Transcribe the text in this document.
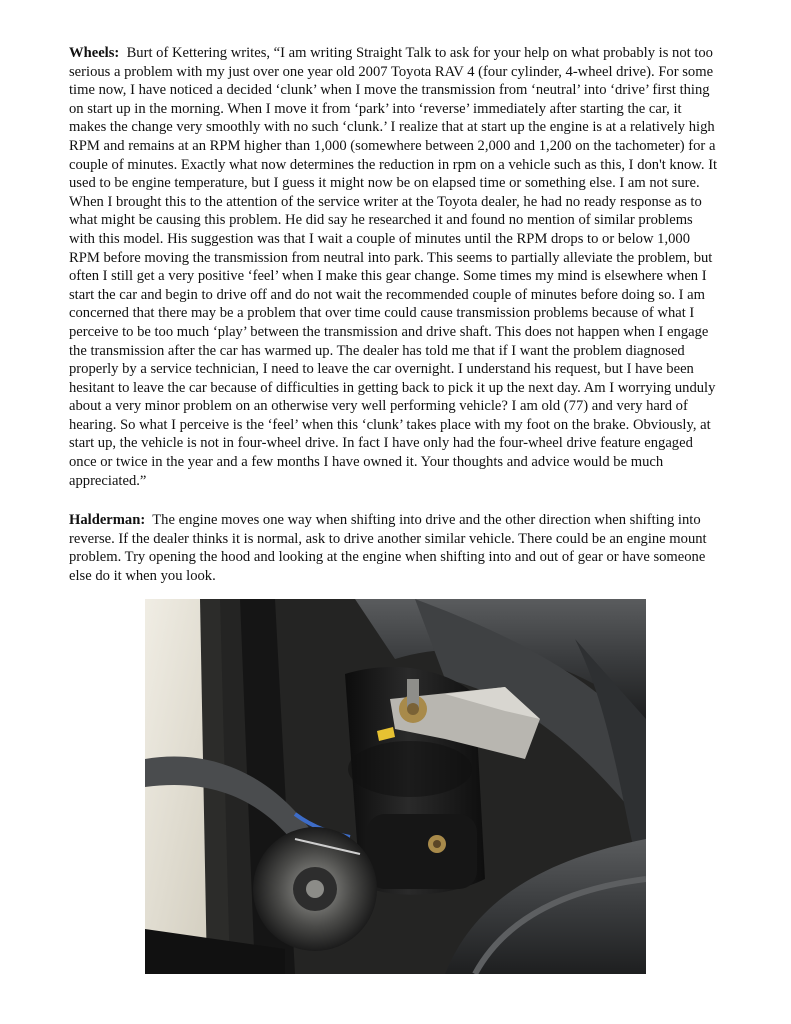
Wheels: Burt of Kettering writes, “I am writing Straight Talk to ask for your help on what probably is not too serious a problem with my just over one year old 2007 Toyota RAV 4 (four cylinder, 4-wheel drive). For some time now, I have noticed a decided ‘clunk’ when I move the transmission from ‘neutral’ into ‘drive’ first thing on start up in the morning. When I move it from ‘park’ into ‘reverse’ immediately after starting the car, it makes the change very smoothly with no such ‘clunk.’ I realize that at start up the engine is at a relatively high RPM and remains at an RPM higher than 1,000 (somewhere between 2,000 and 1,200 on the tachometer) for a couple of minutes. Exactly what now determines the reduction in rpm on a vehicle such as this, I don't know. It used to be engine temperature, but I guess it might now be on elapsed time or something else. I am not sure. When I brought this to the attention of the service writer at the Toyota dealer, he had no ready response as to what might be causing this problem. He did say he researched it and found no mention of similar problems with this model. His suggestion was that I wait a couple of minutes until the RPM drops to or below 1,000 RPM before moving the transmission from neutral into park. This seems to partially alleviate the problem, but often I still get a very positive ‘feel’ when I make this gear change. Some times my mind is elsewhere when I start the car and begin to drive off and do not wait the recommended couple of minutes before doing so. I am concerned that there may be a problem that over time could cause transmission problems because of what I perceive to be too much ‘play’ between the transmission and drive shaft. This does not happen when I engage the transmission after the car has warmed up. The dealer has told me that if I want the problem diagnosed properly by a service technician, I need to leave the car overnight. I understand his request, but I have been hesitant to leave the car because of difficulties in getting back to pick it up the next day. Am I worrying unduly about a very minor problem on an otherwise very well performing vehicle? I am old (77) and very hard of hearing. So what I perceive is the ‘feel’ when this ‘clunk’ takes place with my foot on the brake. Obviously, at start up, the vehicle is not in four-wheel drive. In fact I have only had the four-wheel drive feature engaged once or twice in the year and a few months I have owned it. Your thoughts and advice would be much appreciated.”

Halderman: The engine moves one way when shifting into drive and the other direction when shifting into reverse. If the dealer thinks it is normal, ask to drive another similar vehicle. There could be an engine mount problem. Try opening the hood and looking at the engine when shifting into and out of gear or have someone else do it when you look.
